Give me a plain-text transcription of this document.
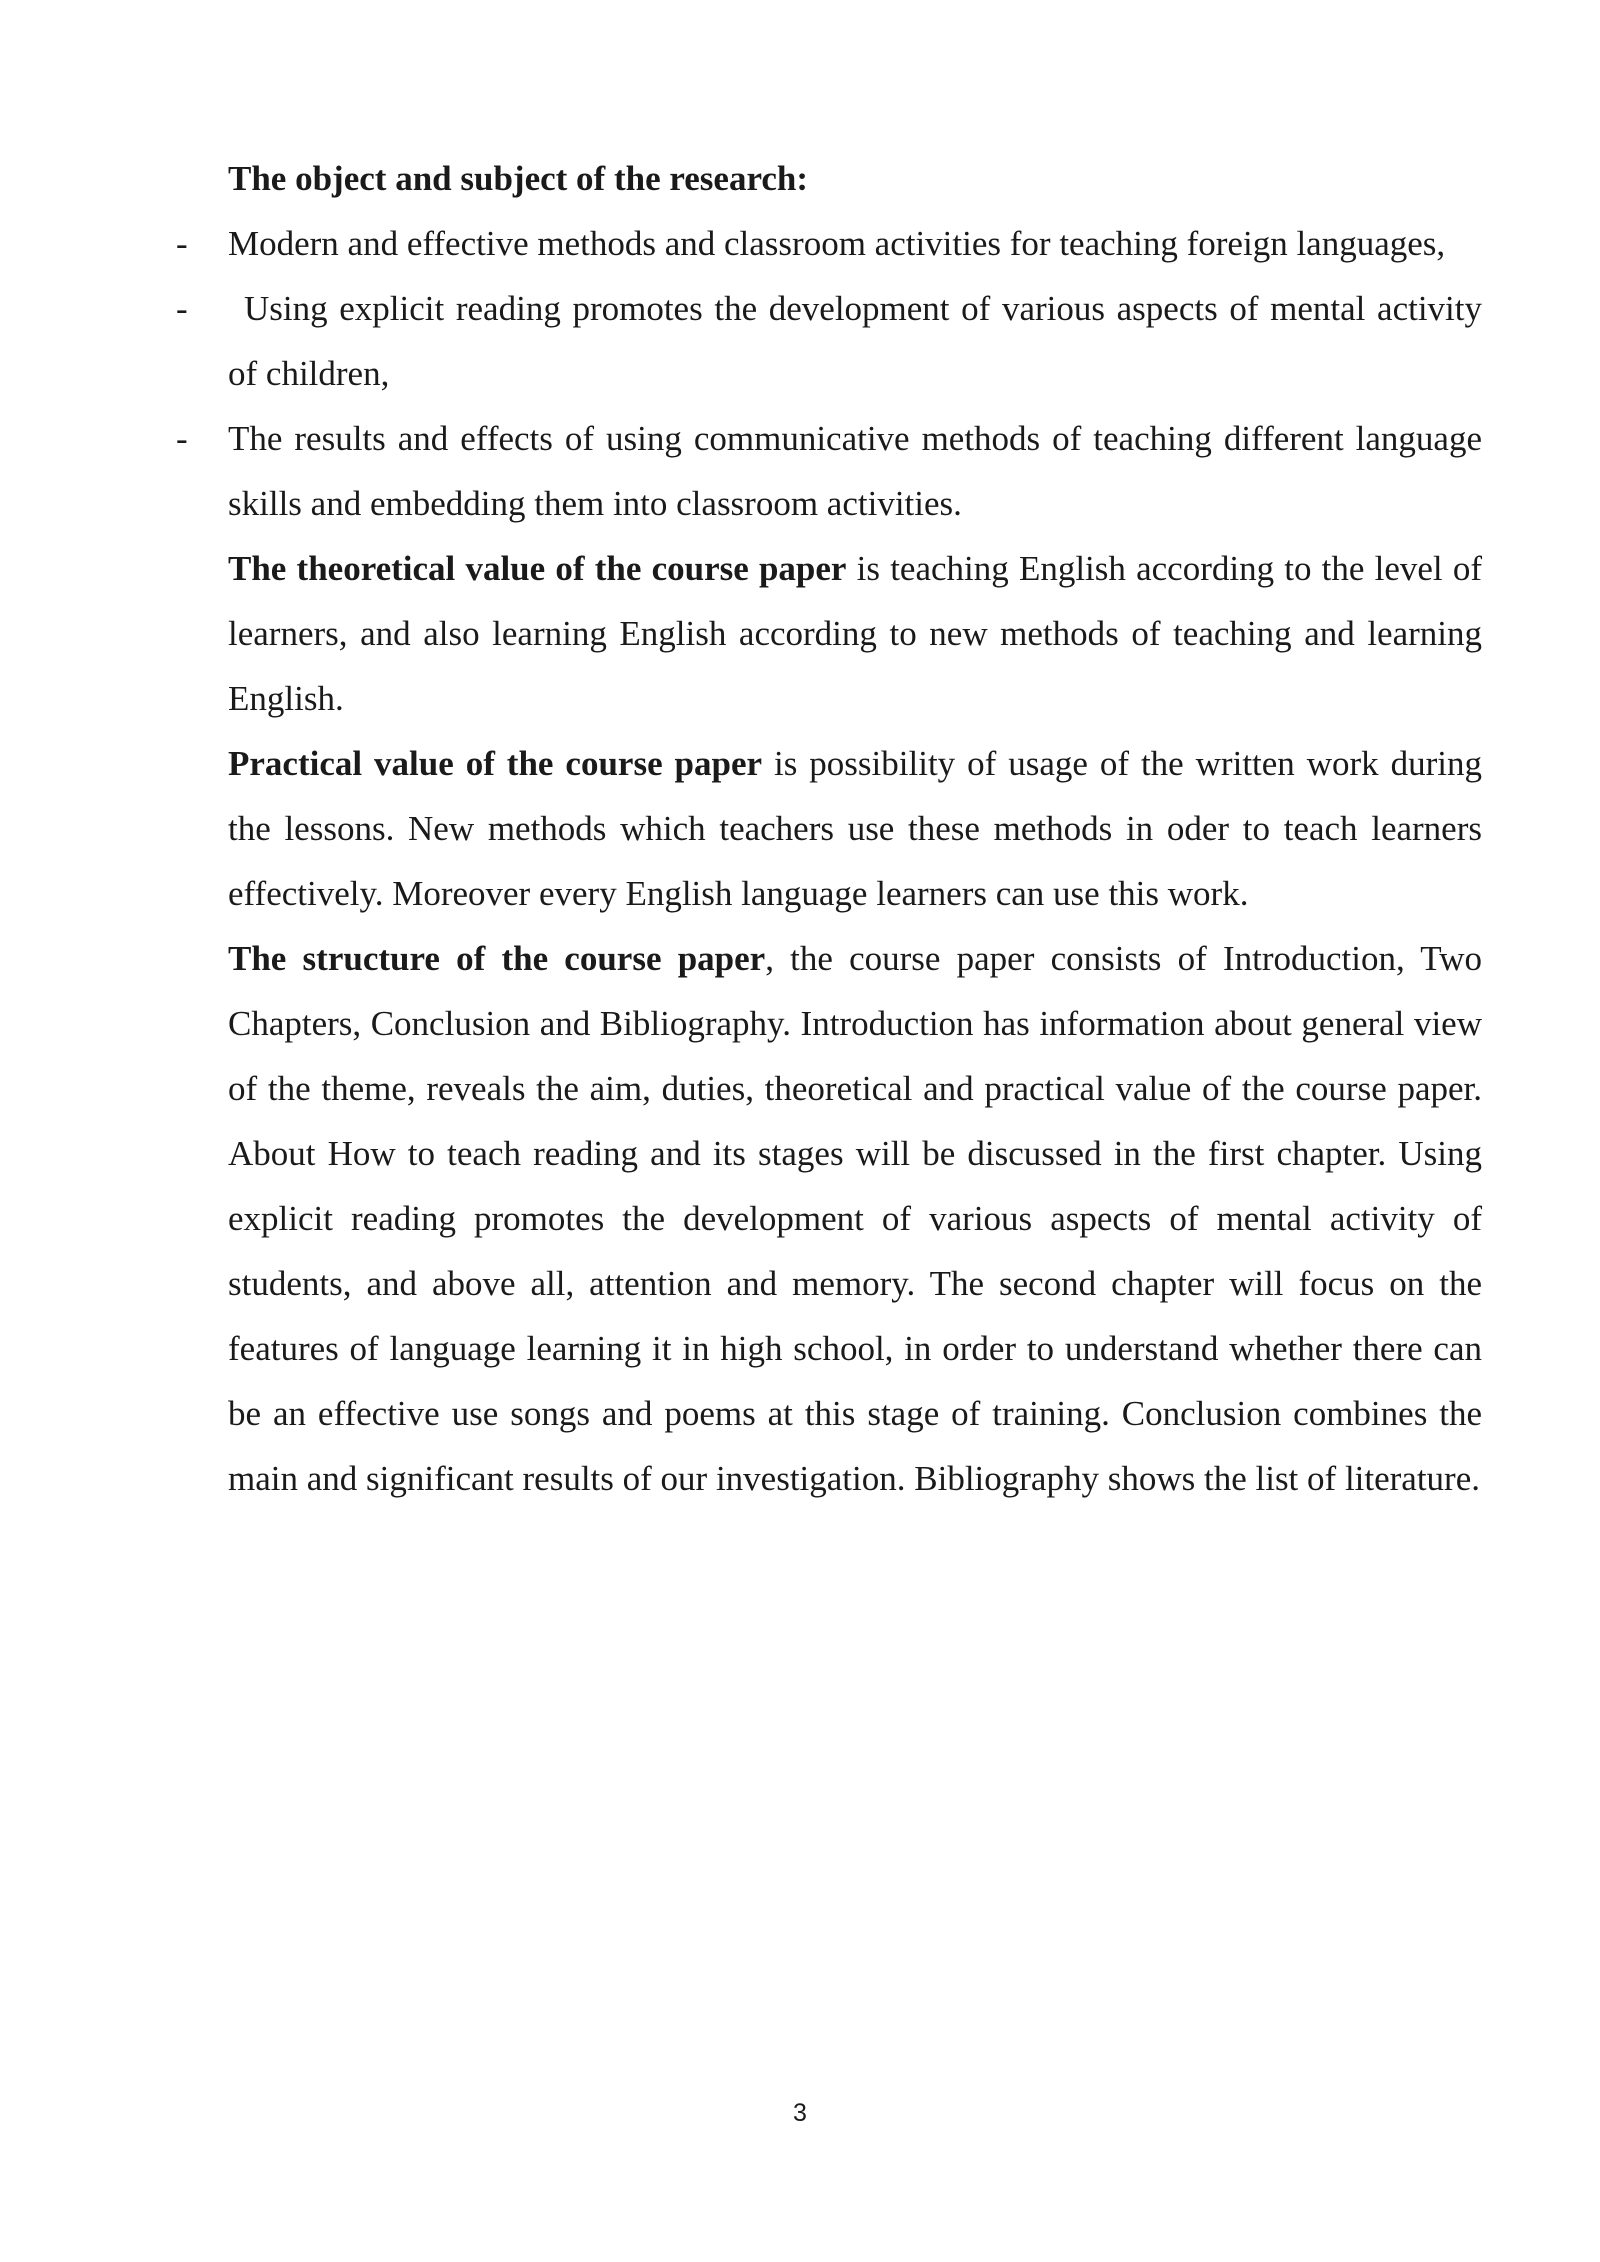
The object and subject of the research:

- Modern and effective methods and classroom activities for teaching foreign languages,

-	Using explicit reading promotes the development of various aspects of mental activity of children,

- The results and effects of using communicative methods of teaching different language skills and embedding them into classroom activities.

The theoretical value of the course paper is teaching English according to the level of learners, and also learning English according to new methods of teaching and learning English.

Practical value of the course paper is possibility of usage of the written work during the lessons. New methods which teachers use these methods in oder to teach learners effectively. Moreover every English language learners can use this work.

The structure of the course paper, the course paper consists of Introduction, Two Chapters, Conclusion and Bibliography. Introduction has information about general view of the theme, reveals the aim, duties, theoretical and practical value of the course paper. About How to teach reading and its stages will be discussed in the first chapter. Using explicit reading promotes the development of various aspects of mental activity of students, and above all, attention and memory. The second chapter will focus on the features of language learning it in high school, in order to understand whether there can be an effective use songs and poems at this stage of training. Conclusion combines the main and significant results of our investigation. Bibliography shows the list of literature.

3
